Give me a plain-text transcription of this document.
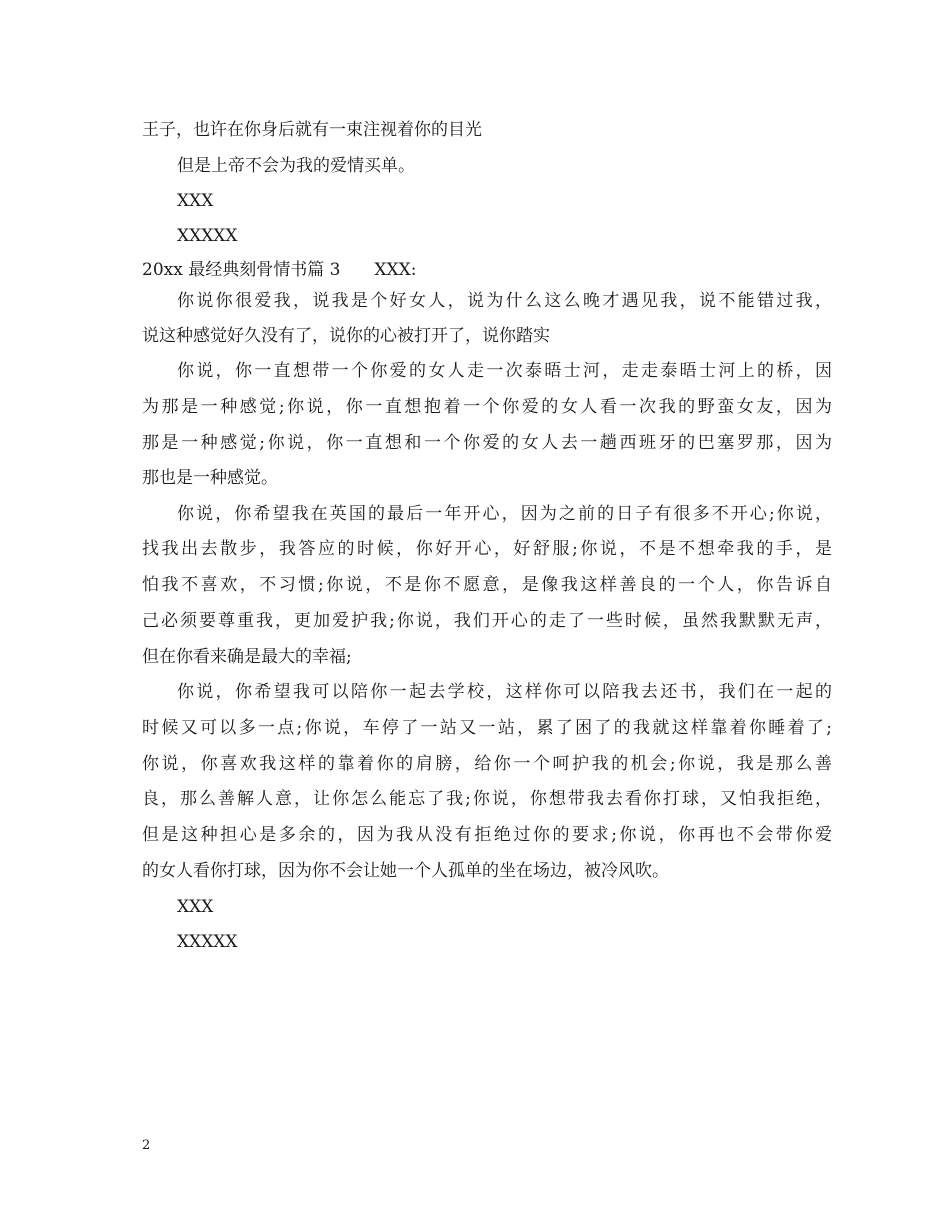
王子，也许在你身后就有一束注视着你的目光
但是上帝不会为我的爱情买单。
XXX
XXXXX
20xx 最经典刻骨情书篇 3　　XXX:
你说你很爱我，说我是个好女人，说为什么这么晚才遇见我，说不能错过我，
说这种感觉好久没有了，说你的心被打开了，说你踏实
你说，你一直想带一个你爱的女人走一次泰晤士河，走走泰晤士河上的桥，因
为那是一种感觉;你说，你一直想抱着一个你爱的女人看一次我的野蛮女友，因为
那是一种感觉;你说，你一直想和一个你爱的女人去一趟西班牙的巴塞罗那，因为
那也是一种感觉。
你说，你希望我在英国的最后一年开心，因为之前的日子有很多不开心;你说，
找我出去散步，我答应的时候，你好开心，好舒服;你说，不是不想牵我的手，是
怕我不喜欢，不习惯;你说，不是你不愿意，是像我这样善良的一个人，你告诉自
己必须要尊重我，更加爱护我;你说，我们开心的走了一些时候，虽然我默默无声，
但在你看来确是最大的幸福;
你说，你希望我可以陪你一起去学校，这样你可以陪我去还书，我们在一起的
时候又可以多一点;你说，车停了一站又一站，累了困了的我就这样靠着你睡着了;
你说，你喜欢我这样的靠着你的肩膀，给你一个呵护我的机会;你说，我是那么善
良，那么善解人意，让你怎么能忘了我;你说，你想带我去看你打球，又怕我拒绝，
但是这种担心是多余的，因为我从没有拒绝过你的要求;你说，你再也不会带你爱
的女人看你打球，因为你不会让她一个人孤单的坐在场边，被冷风吹。
XXX
XXXXX
2
